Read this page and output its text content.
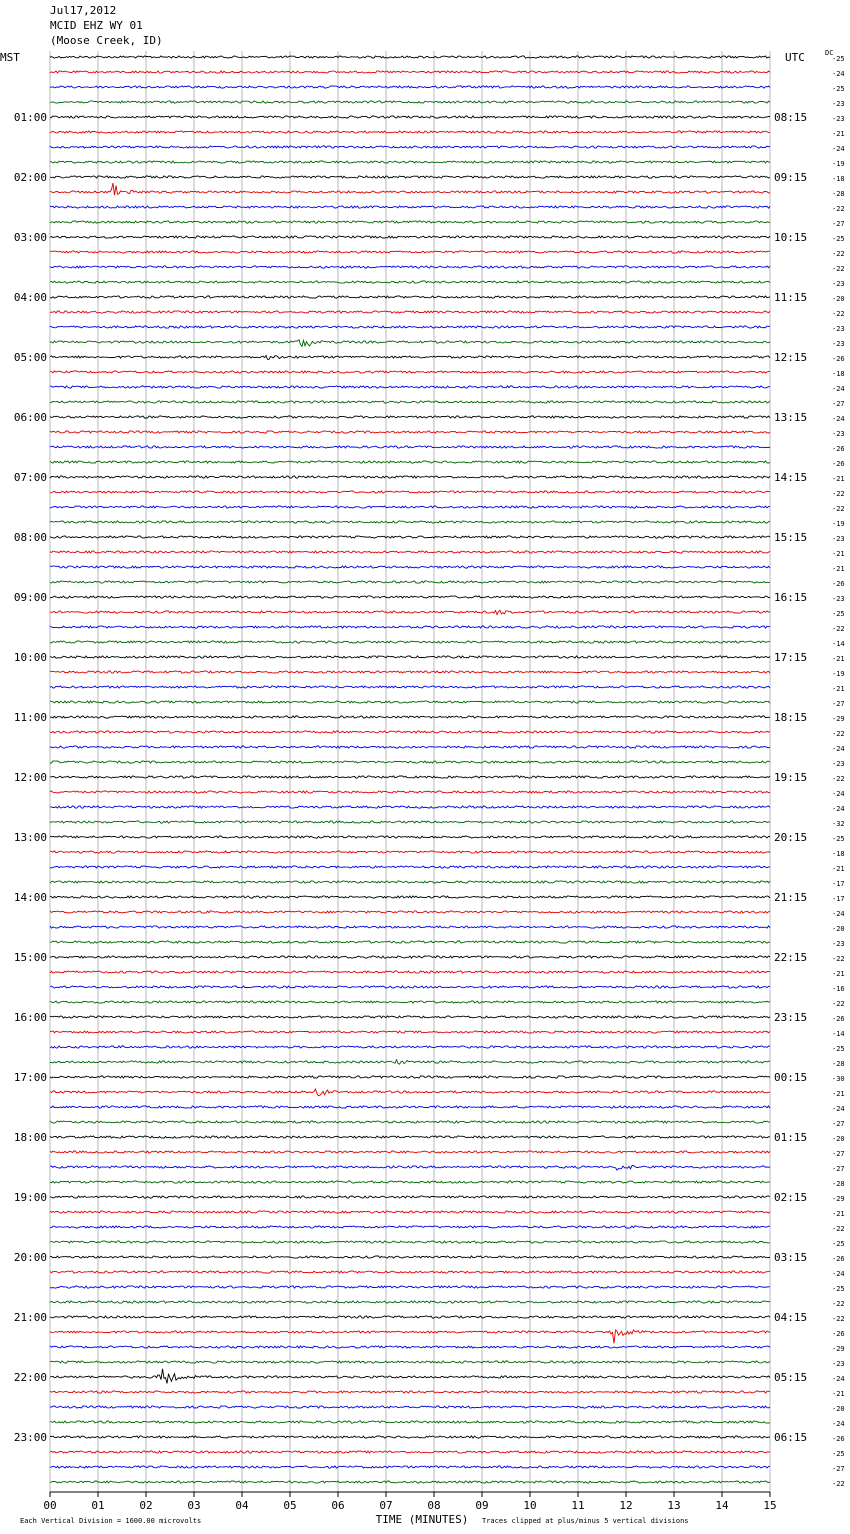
Jul17,2012
MCID EHZ WY 01
(Moose Creek, ID)
-25
-24
-25
-23
-23
-21
-24
-19
-18
-28
-22
-27
-25
-22
-22
-23
-20
-22
-23
-23
-26
-18
-24
-27
-24
-23
-26
-26
-21
-22
-22
-19
-23
-21
-21
-26
-23
-25
-22
-14
-21
-19
-21
-27
-29
-22
-24
-23
-22
-24
-24
-32
-25
-18
-21
-17
-17
-24
-20
-23
-22
-21
-16
-22
-26
-14
-25
-28
-30
-21
-24
-27
-20
-27
-27
-28
-29
-21
-22
-25
-26
-24
-25
-22
-22
-26
-29
-23
-24
-21
-20
-24
-26
-25
-27
-22
01:00
02:00
03:00
04:00
05:00
06:00
07:00
08:00
09:00
10:00
11:00
12:00
13:00
14:00
15:00
16:00
17:00
18:00
19:00
20:00
21:00
22:00
23:00
08:15
09:15
10:15
11:15
12:15
13:15
14:15
15:15
16:15
17:15
18:15
19:15
20:15
21:15
22:15
23:15
00:15
01:15
02:15
03:15
04:15
05:15
06:15
MST	UTC	DC
00	01	02	03	04	05	06	07	08	09	10	11	12	13	14	15
TIME (MINUTES)
Each Vertical Division = 1600.00 microvolts	Traces clipped at plus/minus 5 vertical divisions
